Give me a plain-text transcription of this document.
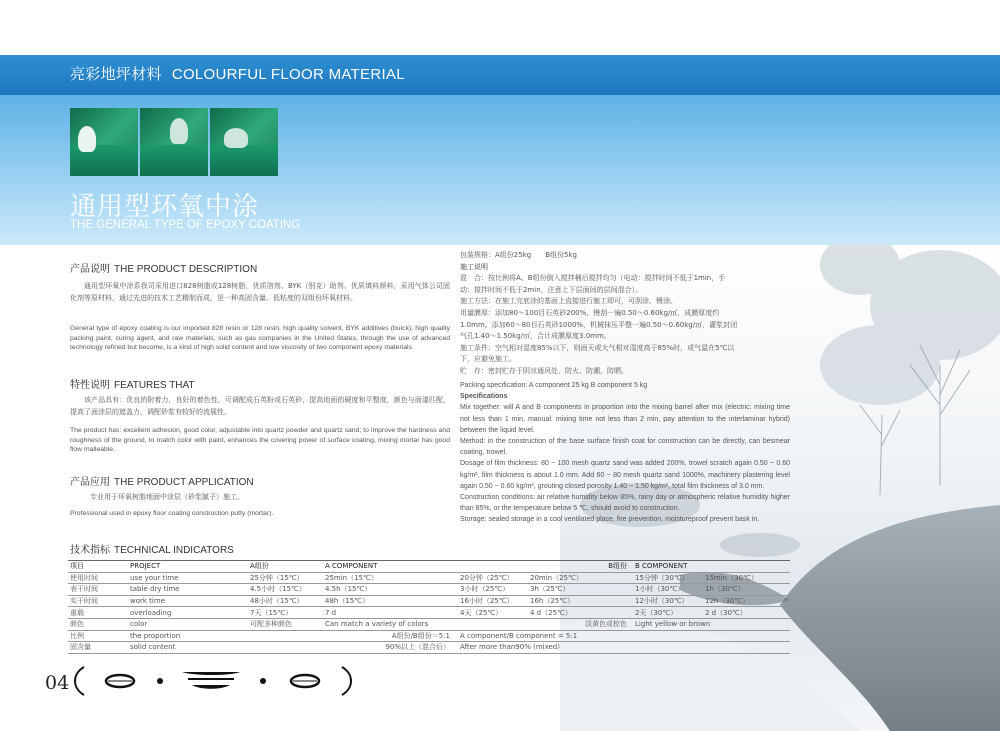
亮彩地坪材料 COLOURFUL FLOOR MATERIAL
通用型环氧中涂
THE GENERAL TYPE OF EPOXY COATING
产品说明 THE PRODUCT DESCRIPTION
通用型环氧中涂系我司采用进口828树脂或128树脂，优质溶剂、BYK（别克）助剂、优质填料颜料，采用气体公司固化剂等原材料，通过先进的技术工艺精制而成，是一种高固含量、低粘度的双组份环氧材料。
General type of epoxy coating is our imported 828 resin or 128 resin, high quality solvent, BYK additives (buick), high quality packing paint, curing agent, and raw materials, such as gas companies in the United States, through the use of advanced technology refined but become, is a kind of high solid content and low viscosity of two component epoxy materials.
特性说明 FEATURES THAT
该产品具有：优良的附着力，良好的着色性，可调配成石英粉或石英砂，提高地面的硬度和平整度，颜色与面漆匹配，提高了面涂层的遮盖力，调配砂浆有较好的流展性。
The product has: excellent adhesion, good color, adjustable into quartz powder and quartz sand; to improve the hardness and roughness of the ground, to match color with paint, enhances the covering power of surface coating, mixing mortar has good flow malleable.
产品应用 THE PRODUCT APPLICATION
专业用于环氧树脂地面中涂层（砂浆腻子）施工。
Professional used in epoxy floor coating construction putty (mortar).
包装规格：A组份25kg　　B组份5kg
施工说明
混　合：按比例将A、B组份倒入搅拌桶后搅拌均匀（电动：搅拌时间不低于1min，手
动：搅拌时间不低于2min，注意上下层面间的层间混合）。
施工方法：在施工完底涂的基面上直接进行施工即可，可刮涂、镘涂。
用量膜厚：添加80～100目石英砂200%，镘刮一遍0.50～0.60kg/㎡，成膜厚度约
1.0mm。添加60～80目石英砂1000%，机械抹压平整一遍0.50～0.60kg/㎡，灌浆封闭
气孔1.40～1.50kg/㎡，合计成膜厚度3.0mm。
施工条件：空气相对湿度85%以下，则雨天或大气相对湿度高于85%时，或气温在5℃以
下，应避免施工。
贮　存：密封贮存于阴凉通风处，防火、防潮，防晒。
Packing specification: A component 25 kg B component 5 kg
Specifications
Mix together: will A and B components in proportion into the mixing barrel after mix (electric: mixing time not less than 1 min, manual: mixing time not less than 2 min, pay attention to the interlaminar hybrid) between the liquid level.
Method: in the construction of the base surface finish coat for construction can be directly, can besmear coating, trowel.
Dosage of film thickness: 80 ~ 100 mesh quartz sand was added 200%, trowel scratch again 0.50 ~ 0.60 kg/m², film thickness is about 1.0 mm. Add 60 ~ 80 mesh quartz sand 1000%, machinery plastering level again 0.50 ~ 0.60 kg/m², grouting closed porosity 1.40 ~ 1.50 kg/m², total film thickness of 3.0 mm.
Construction conditions: air relative humidity below 85%, rainy day or atmospheric relative humidity higher than 85%, or the temperature below 5 ℃, should avoid to construction.
Storage: sealed storage in a cool ventilated place, fire prevention, moistureproof prevent bask in.
技术指标 TECHNICAL INDICATORS
项目	PROJECT	A组份	A COMPONENT		B组份	B COMPONENT	
使用时间	use your time	25分钟（15℃）	25min（15℃）	20分钟（25℃）	20min（25℃）	15分钟（30℃）	15min（30℃）
表干时间	table dry time	4.5小时（15℃）	4.5h（15℃）	3小时（25℃）	3h（25℃）	1小时（30℃）	1h（30℃）
实干时间	work time	48小时（15℃）	48h（15℃）	16小时（25℃）	16h（25℃）	12小时（30℃）	12h（30℃）
重载	overloading	7天（15℃）	7 d	4天（25℃）	4 d（25℃）	2天（30℃）	2 d（30℃）
颜色	color	可配多种颜色	Can match a variety of colors		淡黄色或棕色	Light yellow or brown	
比例	the proportion	A组份/B组份＝5:1		A component/B component = 5:1			
固含量	solid content	90%以上（混合后）		After more than90% (mixed)			
04
